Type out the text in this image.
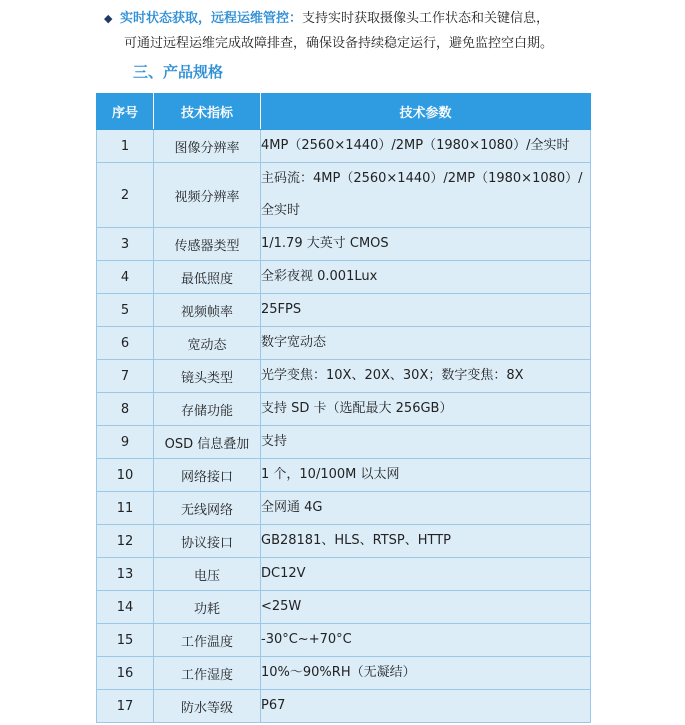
◆ 实时状态获取，远程运维管控：支持实时获取摄像头工作状态和关键信息，
可通过远程运维完成故障排查，确保设备持续稳定运行，避免监控空白期。
三、产品规格
序号	技术指标	技术参数
1	图像分辨率	4MP（2560×1440）/2MP（1980×1080）/全实时
2	视频分辨率	主码流：4MP（2560×1440）/2MP（1980×1080）/全实时
3	传感器类型	1/1.79 大英寸 CMOS
4	最低照度	全彩夜视 0.001Lux
5	视频帧率	25FPS
6	宽动态	数字宽动态
7	镜头类型	光学变焦：10X、20X、30X；数字变焦：8X
8	存储功能	支持 SD 卡（选配最大 256GB）
9	OSD 信息叠加	支持
10	网络接口	1 个，10/100M 以太网
11	无线网络	全网通 4G
12	协议接口	GB28181、HLS、RTSP、HTTP
13	电压	DC12V
14	功耗	<25W
15	工作温度	-30°C~+70°C
16	工作湿度	10%～90%RH（无凝结）
17	防水等级	P67
